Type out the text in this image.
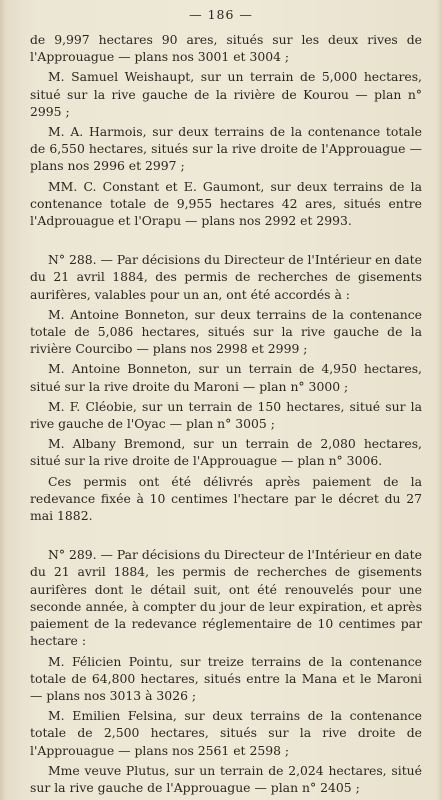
— 186 —

de 9,997 hectares 90 ares, situés sur les deux rives de l'Approuague — plans nos 3001 et 3004 ;

M. Samuel Weishaupt, sur un terrain de 5,000 hectares, situé sur la rive gauche de la rivière de Kourou — plan n° 2995 ;

M. A. Harmois, sur deux terrains de la contenance totale de 6,550 hectares, situés sur la rive droite de l'Approuague — plans nos 2996 et 2997 ;

MM. C. Constant et E. Gaumont, sur deux terrains de la contenance totale de 9,955 hectares 42 ares, situés entre l'Adprouague et l'Orapu — plans nos 2992 et 2993.

N° 288. — Par décisions du Directeur de l'Intérieur en date du 21 avril 1884, des permis de recherches de gisements aurifères, valables pour un an, ont été accordés à :

M. Antoine Bonneton, sur deux terrains de la contenance totale de 5,086 hectares, situés sur la rive gauche de la rivière Courcibo — plans nos 2998 et 2999 ;

M. Antoine Bonneton, sur un terrain de 4,950 hectares, situé sur la rive droite du Maroni — plan n° 3000 ;

M. F. Cléobie, sur un terrain de 150 hectares, situé sur la rive gauche de l'Oyac — plan n° 3005 ;

M. Albany Bremond, sur un terrain de 2,080 hectares, situé sur la rive droite de l'Approuague — plan n° 3006.

Ces permis ont été délivrés après paiement de la redevance fixée à 10 centimes l'hectare par le décret du 27 mai 1882.

N° 289. — Par décisions du Directeur de l'Intérieur en date du 21 avril 1884, les permis de recherches de gisements aurifères dont le détail suit, ont été renouvelés pour une seconde année, à compter du jour de leur expiration, et après paiement de la redevance réglementaire de 10 centimes par hectare :

M. Félicien Pointu, sur treize terrains de la contenance totale de 64,800 hectares, situés entre la Mana et le Maroni — plans nos 3013 à 3026 ;

M. Emilien Felsina, sur deux terrains de la contenance totale de 2,500 hectares, situés sur la rive droite de l'Approuague — plans nos 2561 et 2598 ;

Mme veuve Plutus, sur un terrain de 2,024 hectares, situé sur la rive gauche de l'Approuague — plan n° 2405 ;
